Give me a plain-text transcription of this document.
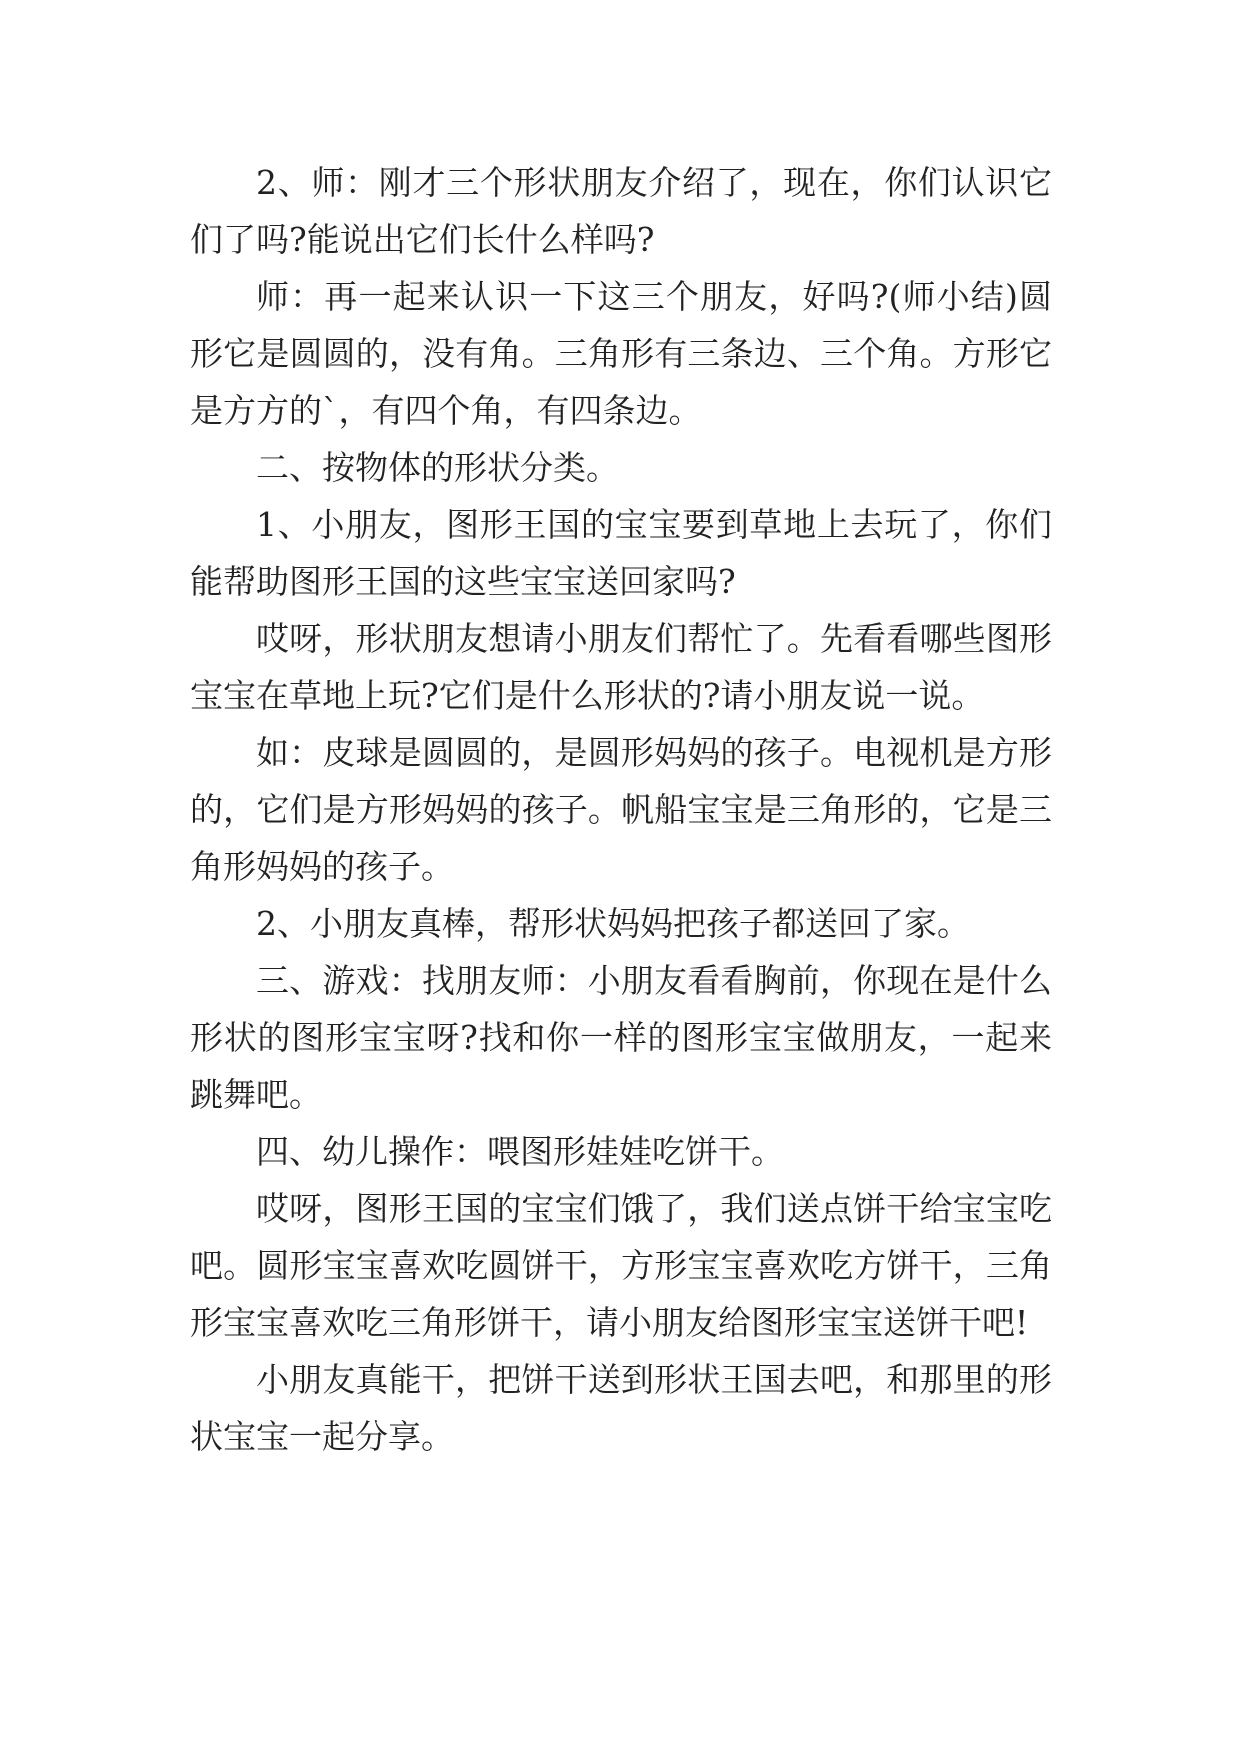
2、师：刚才三个形状朋友介绍了，现在，你们认识它们了吗?能说出它们长什么样吗?

师：再一起来认识一下这三个朋友，好吗?(师小结)圆形它是圆圆的，没有角。三角形有三条边、三个角。方形它是方方的`，有四个角，有四条边。

二、按物体的形状分类。

1、小朋友，图形王国的宝宝要到草地上去玩了，你们能帮助图形王国的这些宝宝送回家吗?

哎呀，形状朋友想请小朋友们帮忙了。先看看哪些图形宝宝在草地上玩?它们是什么形状的?请小朋友说一说。

如：皮球是圆圆的，是圆形妈妈的孩子。电视机是方形的，它们是方形妈妈的孩子。帆船宝宝是三角形的，它是三角形妈妈的孩子。

2、小朋友真棒，帮形状妈妈把孩子都送回了家。

三、游戏：找朋友师：小朋友看看胸前，你现在是什么形状的图形宝宝呀?找和你一样的图形宝宝做朋友，一起来跳舞吧。

四、幼儿操作：喂图形娃娃吃饼干。

哎呀，图形王国的宝宝们饿了，我们送点饼干给宝宝吃吧。圆形宝宝喜欢吃圆饼干，方形宝宝喜欢吃方饼干，三角形宝宝喜欢吃三角形饼干，请小朋友给图形宝宝送饼干吧!

小朋友真能干，把饼干送到形状王国去吧，和那里的形状宝宝一起分享。
